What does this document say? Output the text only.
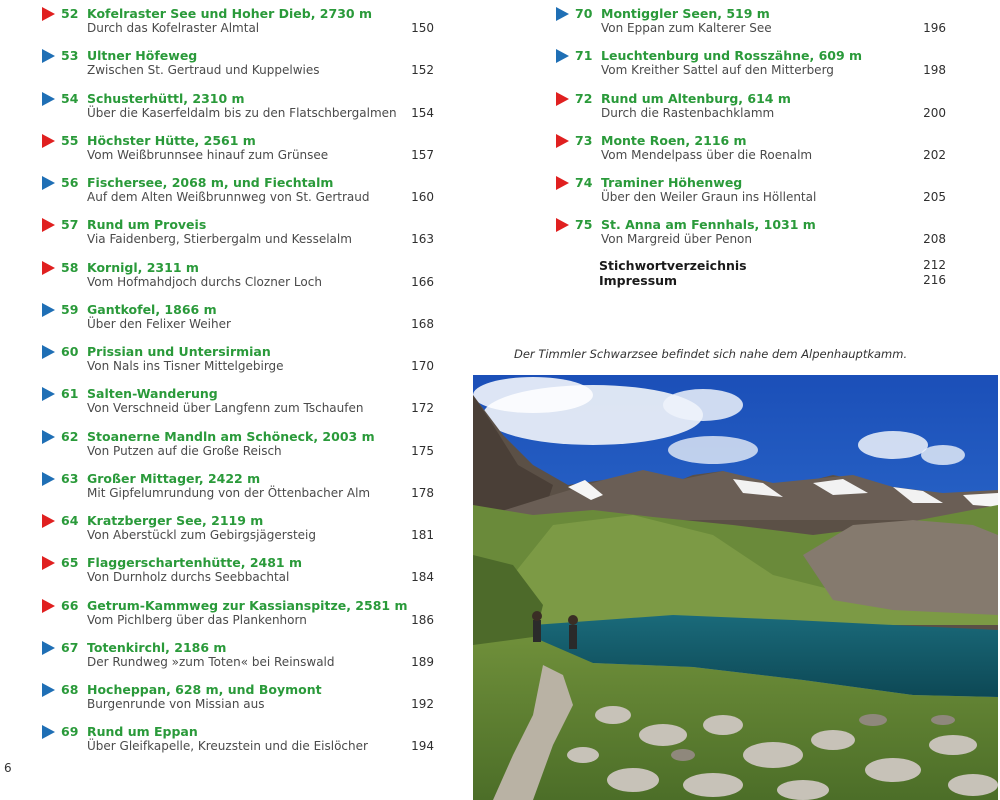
52 Kofelraster See und Hoher Dieb, 2730 m
Durch das Kofelraster Almtal	150
53 Ultner Höfeweg
Zwischen St. Gertraud und Kuppelwies	152
54 Schusterhüttl, 2310 m
Über die Kaserfeldalm bis zu den Flatschbergalmen 154
55 Höchster Hütte, 2561 m
Vom Weißbrunnsee hinauf zum Grünsee	157
56 Fischersee, 2068 m, und Fiechtalm
Auf dem Alten Weißbrunnweg von St. Gertraud	160
57 Rund um Proveis
Via Faidenberg, Stierbergalm und Kesselalm	163
58 Kornigl, 2311 m
Vom Hofmahdjoch durchs Clozner Loch	166
59 Gantkofel, 1866 m
Über den Felixer Weiher	168
60 Prissian und Untersirmian
Von Nals ins Tisner Mittelgebirge	170
61 Salten-Wanderung
Von Verschneid über Langfenn zum Tschaufen	172
62 Stoanerne Mandln am Schöneck, 2003 m
Von Putzen auf die Große Reisch	175
63 Großer Mittager, 2422 m
Mit Gipfelumrundung von der Öttenbacher Alm	178
64 Kratzberger See, 2119 m
Von Aberstückl zum Gebirgsjägersteig	181
65 Flaggerschartenhütte, 2481 m
Von Durnholz durchs Seebbachtal	184
66 Getrum-Kammweg zur Kassianspitze, 2581 m
Vom Pichlberg über das Plankenhorn	186
67 Totenkirchl, 2186 m
Der Rundweg »zum Toten« bei Reinswald	189
68 Hocheppan, 628 m, und Boymont
Burgenrunde von Missian aus	192
69 Rund um Eppan
Über Gleifkapelle, Kreuzstein und die Eislöcher	194
Stichwortverzeichnis	212
Impressum	216
70 Montiggler Seen, 519 m
Von Eppan zum Kalterer See	196
71 Leuchtenburg und Rosszähne, 609 m
Vom Kreither Sattel auf den Mitterberg	198
72 Rund um Altenburg, 614 m
Durch die Rastenbachklamm	200
73 Monte Roen, 2116 m
Vom Mendelpass über die Roenalm	202
74 Traminer Höhenweg
Über den Weiler Graun ins Höllental	205
75 St. Anna am Fennhals, 1031 m
Von Margreid über Penon	208
Der Timmler Schwarzsee befindet sich nahe dem Alpenhauptkamm.
6
